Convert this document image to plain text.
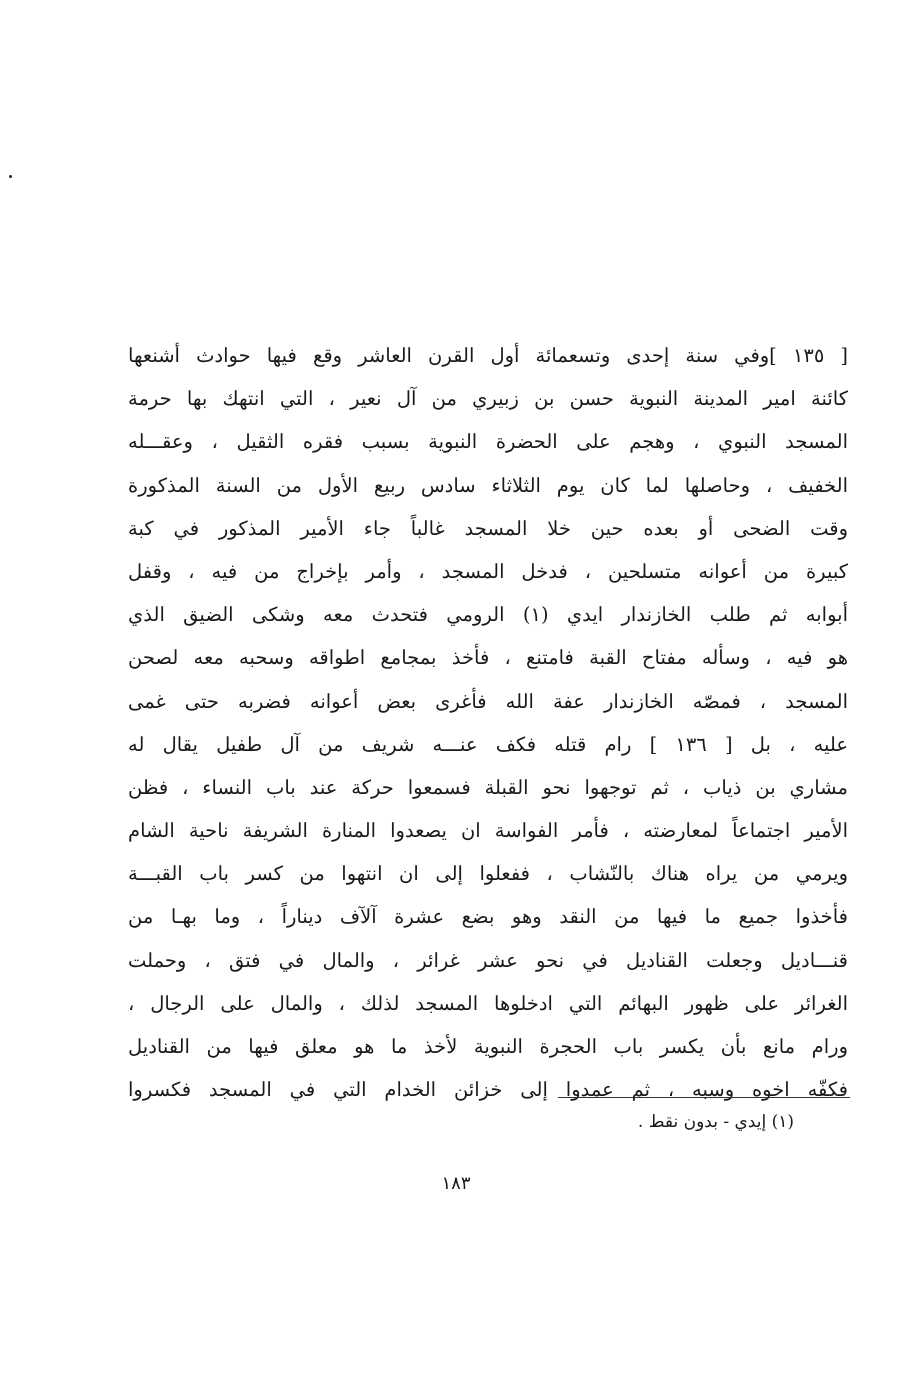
[ ١٣٥ ]وفي سنة إحدى وتسعمائة أول القرن العاشر وقع فيها حوادث أشنعها
كائنة امير المدينة النبوية حسن بن زبيري من آل نعير ، التي انتهك بها حرمة
المسجد النبوي ، وهجم على الحضرة النبوية بسبب فقره الثقيل ، وعقـــله
الخفيف ، وحاصلها لما كان يوم الثلاثاء سادس ربيع الأول من السنة المذكورة
وقت الضحى أو بعده حين خلا المسجد غالباً جاء الأمير المذكور في كبة
كبيرة من أعوانه متسلحين ، فدخل المسجد ، وأمر بإخراج من فيه ، وقفل
أبوابه ثم طلب الخازندار ايدي (١) الرومي فتحدث معه وشكى الضيق الذي
هو فيه ، وسأله مفتاح القبة فامتنع ، فأخذ بمجامع اطواقه وسحبه معه لصحن
المسجد ، فمصّه الخازندار عفة الله فأغرى بعض أعوانه فضربه حتى غمى
عليه ، بل [ ١٣٦ ] رام قتله فكف عنـــه شريف من آل طفيل يقال له
مشاري بن ذياب ، ثم توجهوا نحو القبلة فسمعوا حركة عند باب النساء ، فظن
الأمير اجتماعاً لمعارضته ، فأمر الفواسة ان يصعدوا المنارة الشريفة ناحية الشام
ويرمي من يراه هناك بالنّشاب ، ففعلوا إلى ان انتهوا من كسر باب القبـــة
فأخذوا جميع ما فيها من النقد وهو بضع عشرة آلآف ديناراً ، وما بهـا من
قنـــاديل وجعلت القناديل في نحو عشر غرائر ، والمال في فتق ، وحملت
الغرائر على ظهور البهائم التي ادخلوها المسجد لذلك ، والمال على الرجال ،
ورام مانع بأن يكسر باب الحجرة النبوية لأخذ ما هو معلق فيها من القناديل
فكفّه اخوه وسبه ، ثم عمدوا إلى خزائن الخدام التي في المسجد فكسروا
(١) إيدي - بدون نقط .
١٨٣
